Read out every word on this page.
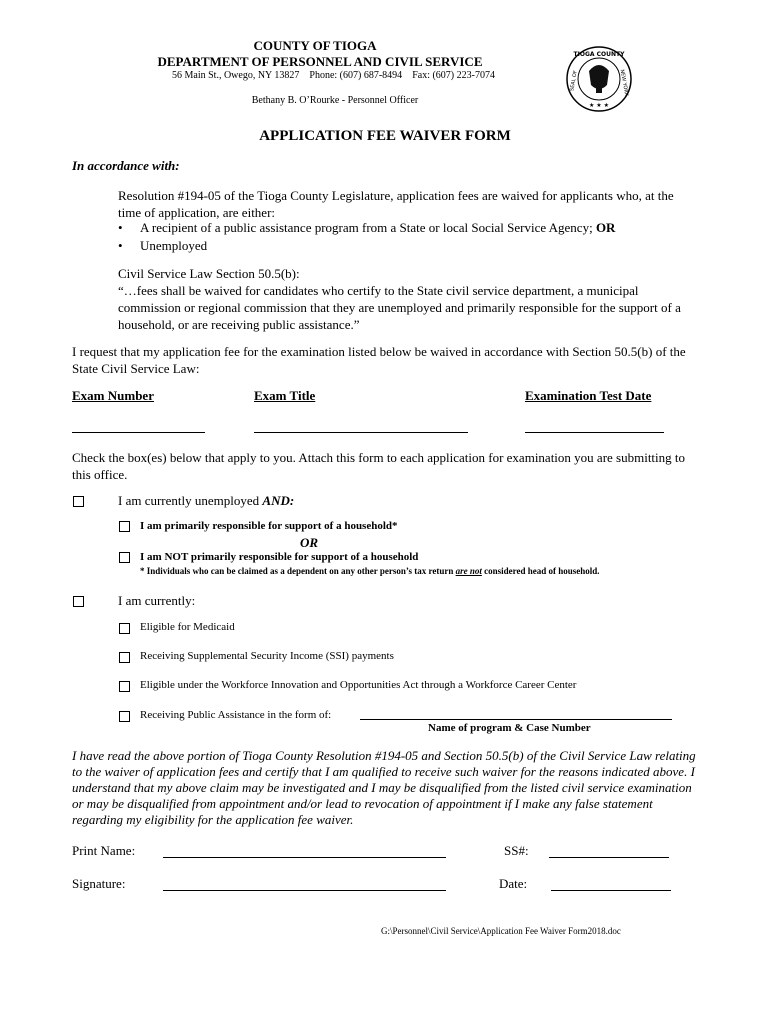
COUNTY OF TIOGA
DEPARTMENT OF PERSONNEL AND CIVIL SERVICE
56 Main St., Owego, NY 13827 Phone: (607) 687-8494 Fax: (607) 223-7074
Bethany B. O’Rourke - Personnel Officer
TIOGA COUNTY
NEW YORK
SEAL OF
★ ★ ★
APPLICATION FEE WAIVER FORM
In accordance with:
Resolution #194-05 of the Tioga County Legislature, application fees are waived for applicants who, at the time of application, are either:
• A recipient of a public assistance program from a State or local Social Service Agency; OR
• Unemployed
Civil Service Law Section 50.5(b):
“…fees shall be waived for candidates who certify to the State civil service department, a municipal commission or regional commission that they are unemployed and primarily responsible for the support of a household, or are receiving public assistance.”
I request that my application fee for the examination listed below be waived in accordance with Section 50.5(b) of the State Civil Service Law:
Exam Number	Exam Title	Examination Test Date
Check the box(es) below that apply to you. Attach this form to each application for examination you are submitting to this office.
I am currently unemployed AND:
I am primarily responsible for support of a household*
OR
I am NOT primarily responsible for support of a household
* Individuals who can be claimed as a dependent on any other person’s tax return are not considered head of household.
I am currently:
Eligible for Medicaid
Receiving Supplemental Security Income (SSI) payments
Eligible under the Workforce Innovation and Opportunities Act through a Workforce Career Center
Receiving Public Assistance in the form of:
Name of program & Case Number
I have read the above portion of Tioga County Resolution #194-05 and Section 50.5(b) of the Civil Service Law relating to the waiver of application fees and certify that I am qualified to receive such waiver for the reasons indicated above. I understand that my above claim may be investigated and I may be disqualified from the listed civil service examination or may be disqualified from appointment and/or lead to revocation of appointment if I make any false statement regarding my eligibility for the application fee waiver.
Print Name:	SS#:
Signature:	Date:
G:\Personnel\Civil Service\Application Fee Waiver Form2018.doc
